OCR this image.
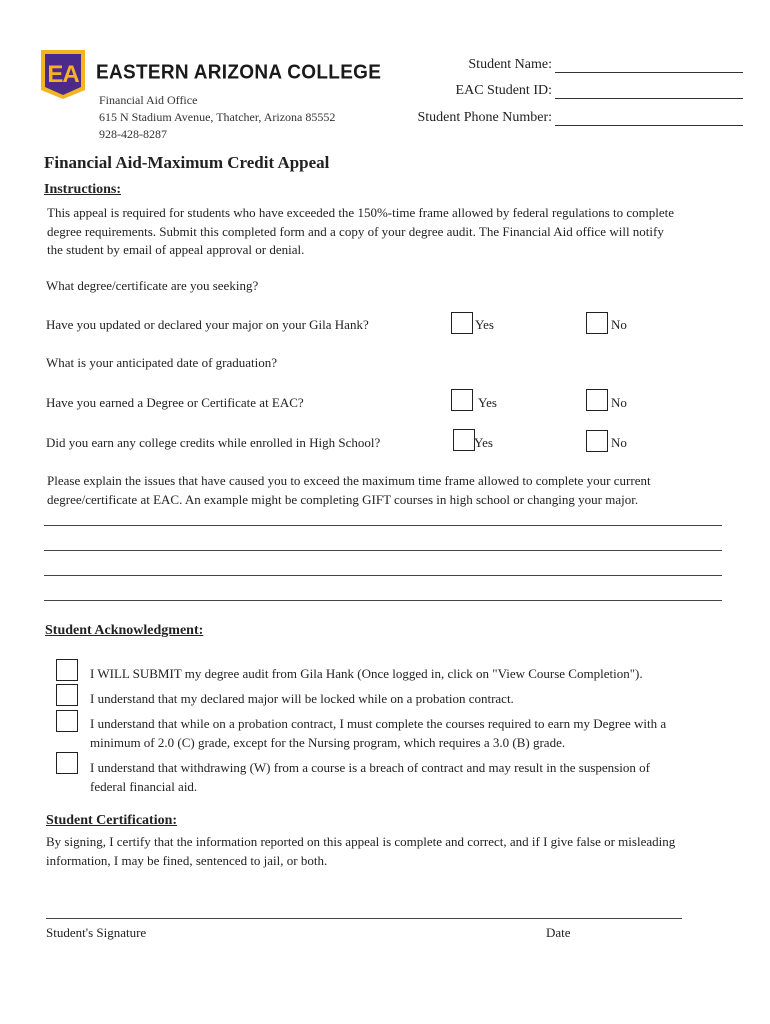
EA EASTERN ARIZONA COLLEGE
Financial Aid Office
615 N Stadium Avenue, Thatcher, Arizona 85552
928-428-8287
Student Name:
EAC Student ID:
Student Phone Number:
Financial Aid-Maximum Credit Appeal
Instructions:
This appeal is required for students who have exceeded the 150%-time frame allowed by federal regulations to complete
degree requirements. Submit this completed form and a copy of your degree audit. The Financial Aid office will notify
the student by email of appeal approval or denial.
What degree/certificate are you seeking?
Have you updated or declared your major on your Gila Hank?	Yes	No
What is your anticipated date of graduation?
Have you earned a Degree or Certificate at EAC?	Yes	No
Did you earn any college credits while enrolled in High School?	Yes	No
Please explain the issues that have caused you to exceed the maximum time frame allowed to complete your current
degree/certificate at EAC. An example might be completing GIFT courses in high school or changing your major.
Student Acknowledgment:
I WILL SUBMIT my degree audit from Gila Hank (Once logged in, click on "View Course Completion").
I understand that my declared major will be locked while on a probation contract.
I understand that while on a probation contract, I must complete the courses required to earn my Degree with a
minimum of 2.0 (C) grade, except for the Nursing program, which requires a 3.0 (B) grade.
I understand that withdrawing (W) from a course is a breach of contract and may result in the suspension of
federal financial aid.
Student Certification:
By signing, I certify that the information reported on this appeal is complete and correct, and if I give false or misleading
information, I may be fined, sentenced to jail, or both.
Student's Signature	Date
